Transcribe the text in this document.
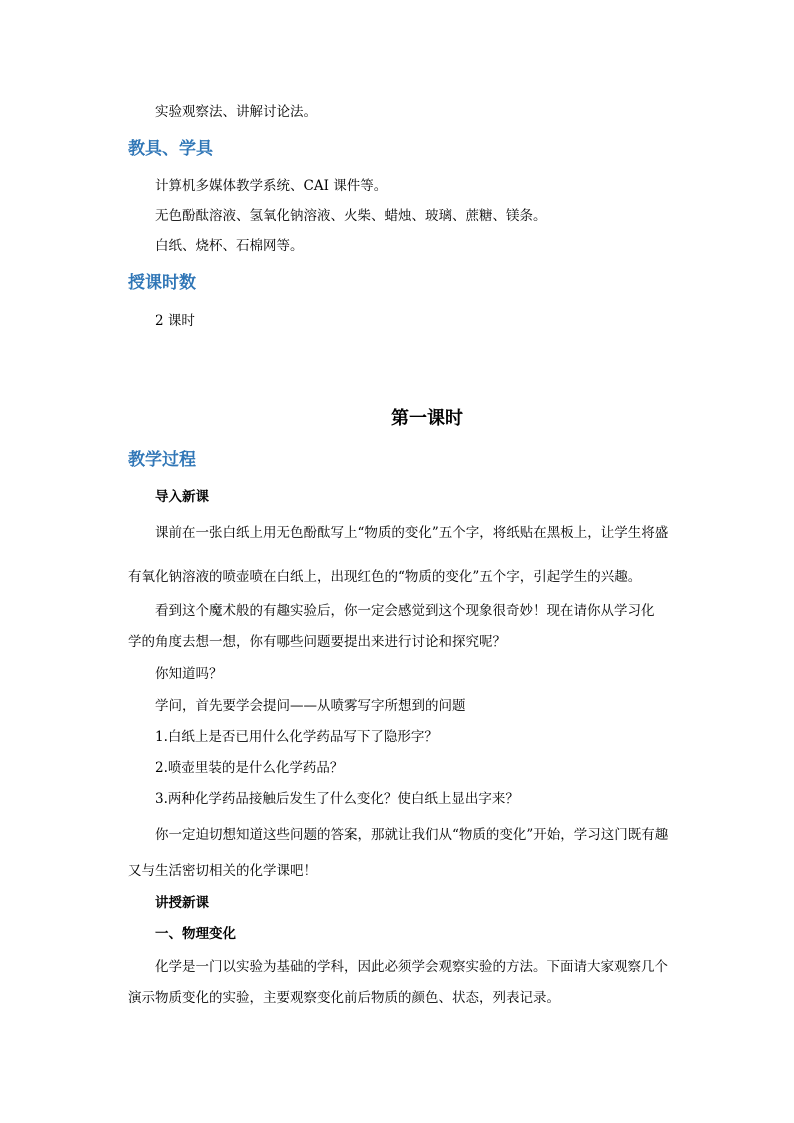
实验观察法、讲解讨论法。
教具、学具
计算机多媒体教学系统、CAI 课件等。
无色酚酞溶液、氢氧化钠溶液、火柴、蜡烛、玻璃、蔗糖、镁条。
白纸、烧杯、石棉网等。
授课时数
2 课时
第一课时
教学过程
导入新课
课前在一张白纸上用无色酚酞写上“物质的变化”五个字，将纸贴在黑板上，让学生将盛
有氧化钠溶液的喷壶喷在白纸上，出现红色的“物质的变化”五个字，引起学生的兴趣。
看到这个魔术般的有趣实验后，你一定会感觉到这个现象很奇妙！现在请你从学习化
学的角度去想一想，你有哪些问题要提出来进行讨论和探究呢？
你知道吗？
学问，首先要学会提问——从喷雾写字所想到的问题
1.白纸上是否已用什么化学药品写下了隐形字？
2.喷壶里装的是什么化学药品？
3.两种化学药品接触后发生了什么变化？使白纸上显出字来？
你一定迫切想知道这些问题的答案，那就让我们从“物质的变化”开始，学习这门既有趣
又与生活密切相关的化学课吧！
讲授新课
一、物理变化
化学是一门以实验为基础的学科，因此必须学会观察实验的方法。下面请大家观察几个
演示物质变化的实验，主要观察变化前后物质的颜色、状态，列表记录。
